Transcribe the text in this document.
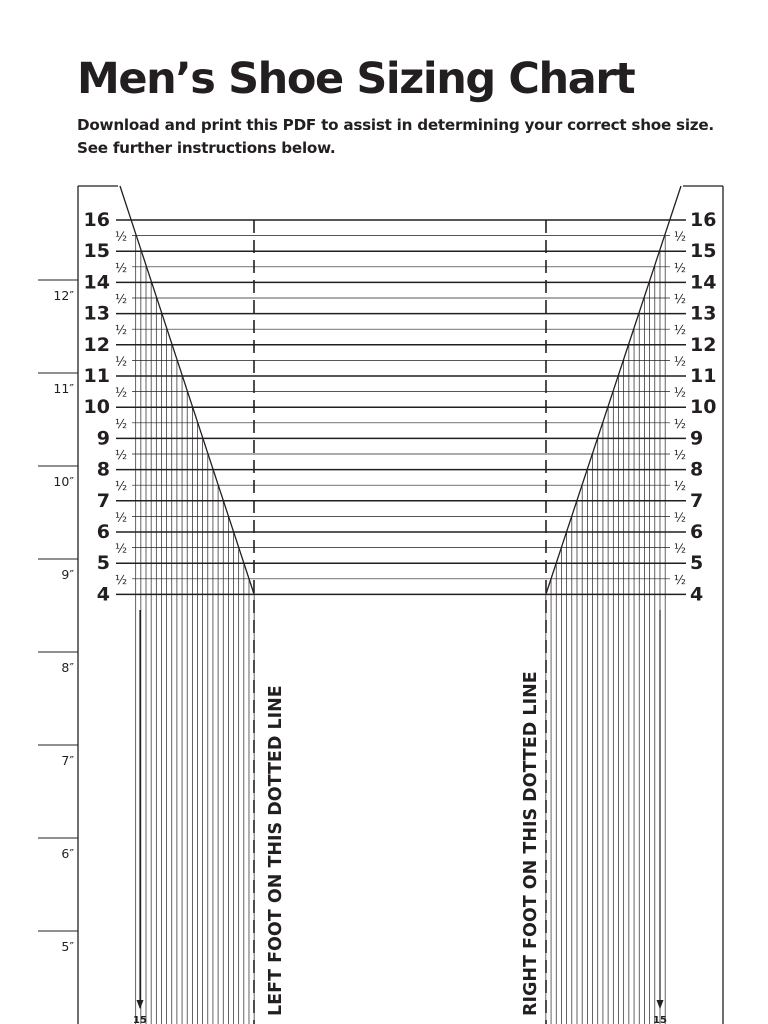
Men’s Shoe Sizing Chart

Download and print this PDF to assist in determining your correct shoe size.

See further instructions below.

12″
11″
10″
9″
8″
7″
6″
5″
16	16
½	½
15	15
½	½
14	14
½	½
13	13
½	½
12	12
½	½
11	11
½	½
10	10
½	½
9	9
½	½
8	8
½	½
7	7
½	½
6	6
½	½
5	5
½	½
4	4
LEFT FOOT ON THIS DOTTED LINE	RIGHT FOOT ON THIS DOTTED LINE
15	15
